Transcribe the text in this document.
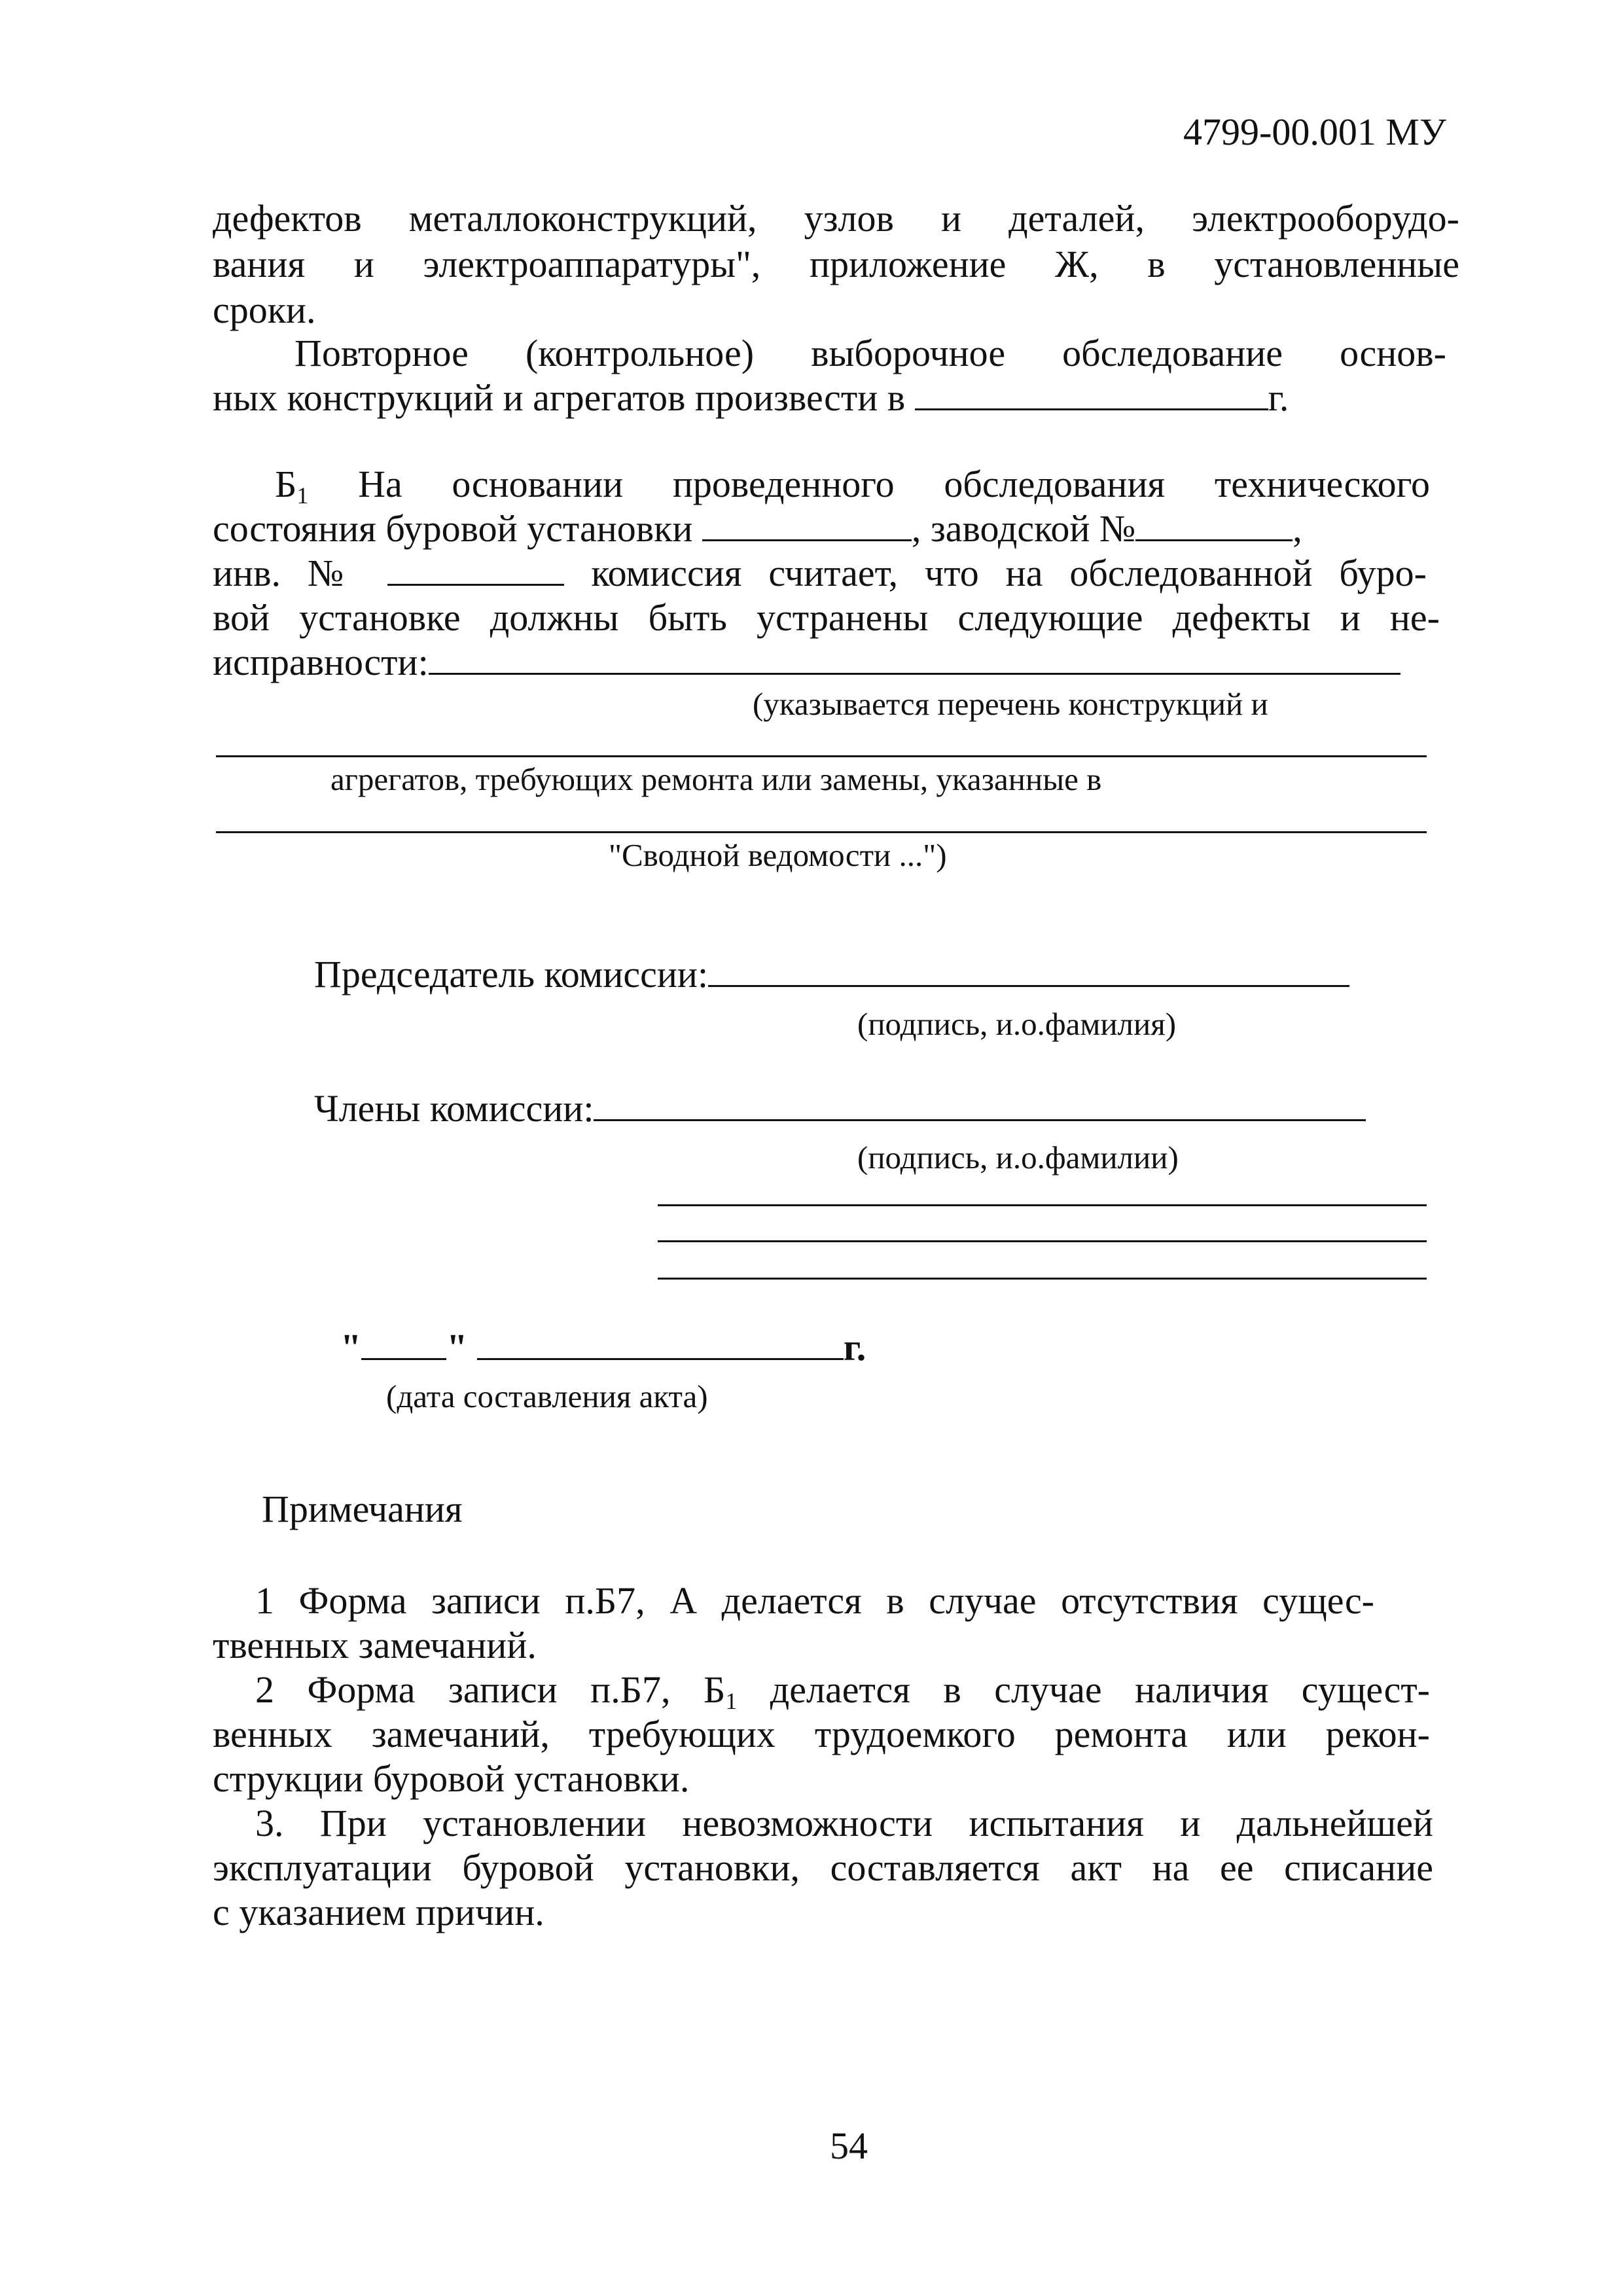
4799-00.001 МУ
дефектов металлоконструкций, узлов и деталей, электрооборудо-
вания и электроаппаратуры", приложение Ж, в установленные
сроки.
Повторное (контрольное) выборочное обследование основ-
ных конструкций и агрегатов произвести в	г.
$Б_1$ На основании проведенного обследования технического
состояния буровой установки	, заводской №	,
инв. №	комиссия считает, что на обследованной буро-
вой установке должны быть устранены следующие дефекты и не-
исправности:
(указывается перечень конструкций и
агрегатов, требующих ремонта или замены, указанные в
"Сводной ведомости ...")
Председатель комиссии:
(подпись, и.о.фамилия)
Члены комиссии:
(подпись, и.о.фамилии)
" "	г.
(дата составления акта)
Примечания
1 Форма записи п.Б7, А делается в случае отсутствия сущес-
твенных замечаний.
2 Форма записи п.Б7, $Б_1$ делается в случае наличия сущест-
венных замечаний, требующих трудоемкого ремонта или рекон-
струкции буровой установки.
3. При установлении невозможности испытания и дальнейшей
эксплуатации буровой установки, составляется акт на ее списание
с указанием причин.
54
